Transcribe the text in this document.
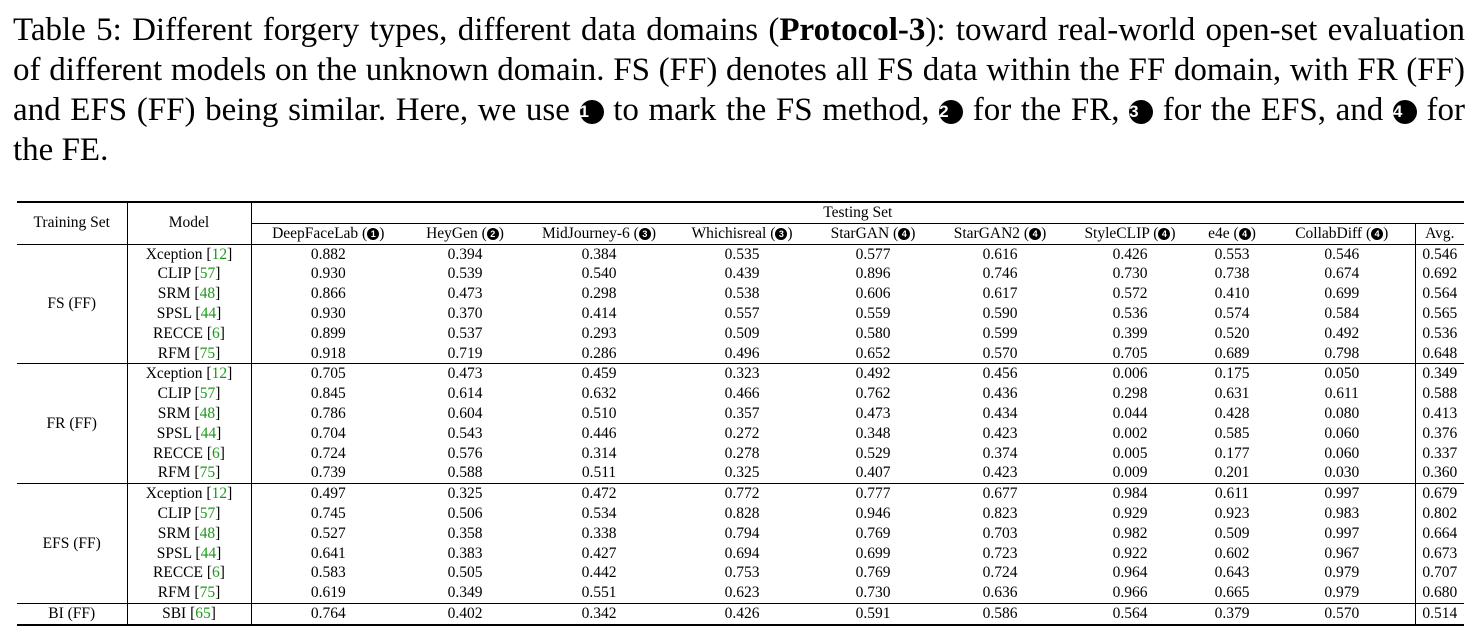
Table 5: Different forgery types, different data domains (Protocol-3): toward real-world open-set evaluation of different models on the unknown domain. FS (FF) denotes all FS data within the FF domain, with FR (FF) and EFS (FF) being similar. Here, we use 1 to mark the FS method, 2 for the FR, 3 for the EFS, and 4 for the FE.
Training Set	Model	Testing Set									
		DeepFaceLab ( 1 )	HeyGen ( 2 )	MidJourney-6 ( 3 )	Whichisreal ( 3 )	StarGAN ( 4 )	StarGAN2 ( 4 )	StyleCLIP ( 4 )	e4e ( 4 )	CollabDiff ( 4 )	Avg.
FS (FF)	Xception [12]	0.882	0.394	0.384	0.535	0.577	0.616	0.426	0.553	0.546	0.546
	CLIP [57]	0.930	0.539	0.540	0.439	0.896	0.746	0.730	0.738	0.674	0.692
	SRM [48]	0.866	0.473	0.298	0.538	0.606	0.617	0.572	0.410	0.699	0.564
	SPSL [44]	0.930	0.370	0.414	0.557	0.559	0.590	0.536	0.574	0.584	0.565
	RECCE [6]	0.899	0.537	0.293	0.509	0.580	0.599	0.399	0.520	0.492	0.536
	RFM [75]	0.918	0.719	0.286	0.496	0.652	0.570	0.705	0.689	0.798	0.648
FR (FF)	Xception [12]	0.705	0.473	0.459	0.323	0.492	0.456	0.006	0.175	0.050	0.349
	CLIP [57]	0.845	0.614	0.632	0.466	0.762	0.436	0.298	0.631	0.611	0.588
	SRM [48]	0.786	0.604	0.510	0.357	0.473	0.434	0.044	0.428	0.080	0.413
	SPSL [44]	0.704	0.543	0.446	0.272	0.348	0.423	0.002	0.585	0.060	0.376
	RECCE [6]	0.724	0.576	0.314	0.278	0.529	0.374	0.005	0.177	0.060	0.337
	RFM [75]	0.739	0.588	0.511	0.325	0.407	0.423	0.009	0.201	0.030	0.360
EFS (FF)	Xception [12]	0.497	0.325	0.472	0.772	0.777	0.677	0.984	0.611	0.997	0.679
	CLIP [57]	0.745	0.506	0.534	0.828	0.946	0.823	0.929	0.923	0.983	0.802
	SRM [48]	0.527	0.358	0.338	0.794	0.769	0.703	0.982	0.509	0.997	0.664
	SPSL [44]	0.641	0.383	0.427	0.694	0.699	0.723	0.922	0.602	0.967	0.673
	RECCE [6]	0.583	0.505	0.442	0.753	0.769	0.724	0.964	0.643	0.979	0.707
	RFM [75]	0.619	0.349	0.551	0.623	0.730	0.636	0.966	0.665	0.979	0.680
BI (FF)	SBI [65]	0.764	0.402	0.342	0.426	0.591	0.586	0.564	0.379	0.570	0.514
